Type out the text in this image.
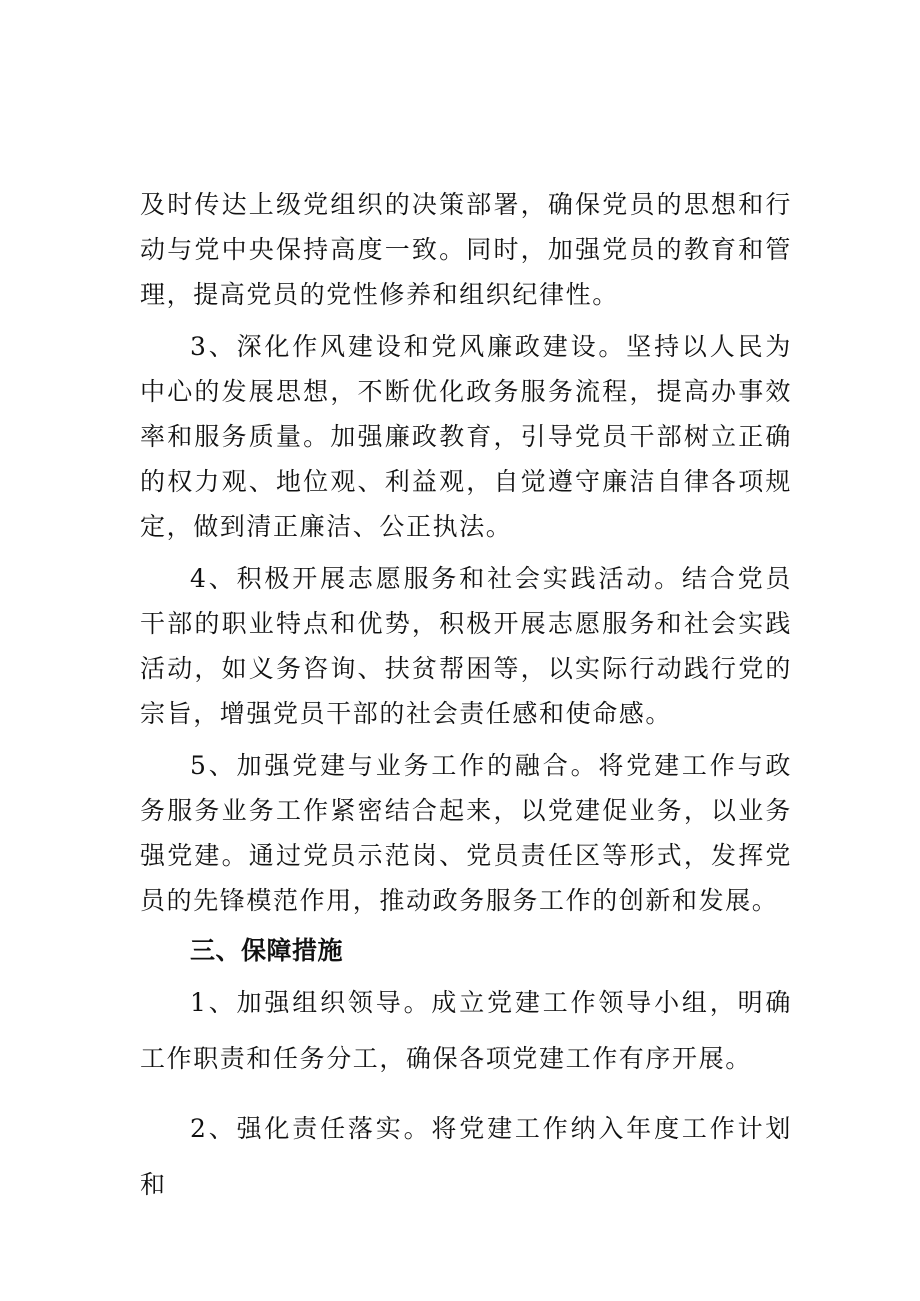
及时传达上级党组织的决策部署，确保党员的思想和行动与党中央保持高度一致。同时，加强党员的教育和管理，提高党员的党性修养和组织纪律性。

3、深化作风建设和党风廉政建设。坚持以人民为中心的发展思想，不断优化政务服务流程，提高办事效率和服务质量。加强廉政教育，引导党员干部树立正确的权力观、地位观、利益观，自觉遵守廉洁自律各项规定，做到清正廉洁、公正执法。

4、积极开展志愿服务和社会实践活动。结合党员干部的职业特点和优势，积极开展志愿服务和社会实践活动，如义务咨询、扶贫帮困等，以实际行动践行党的宗旨，增强党员干部的社会责任感和使命感。

5、加强党建与业务工作的融合。将党建工作与政务服务业务工作紧密结合起来，以党建促业务，以业务强党建。通过党员示范岗、党员责任区等形式，发挥党员的先锋模范作用，推动政务服务工作的创新和发展。

三、保障措施

1、加强组织领导。成立党建工作领导小组，明确工作职责和任务分工，确保各项党建工作有序开展。

2、强化责任落实。将党建工作纳入年度工作计划和
